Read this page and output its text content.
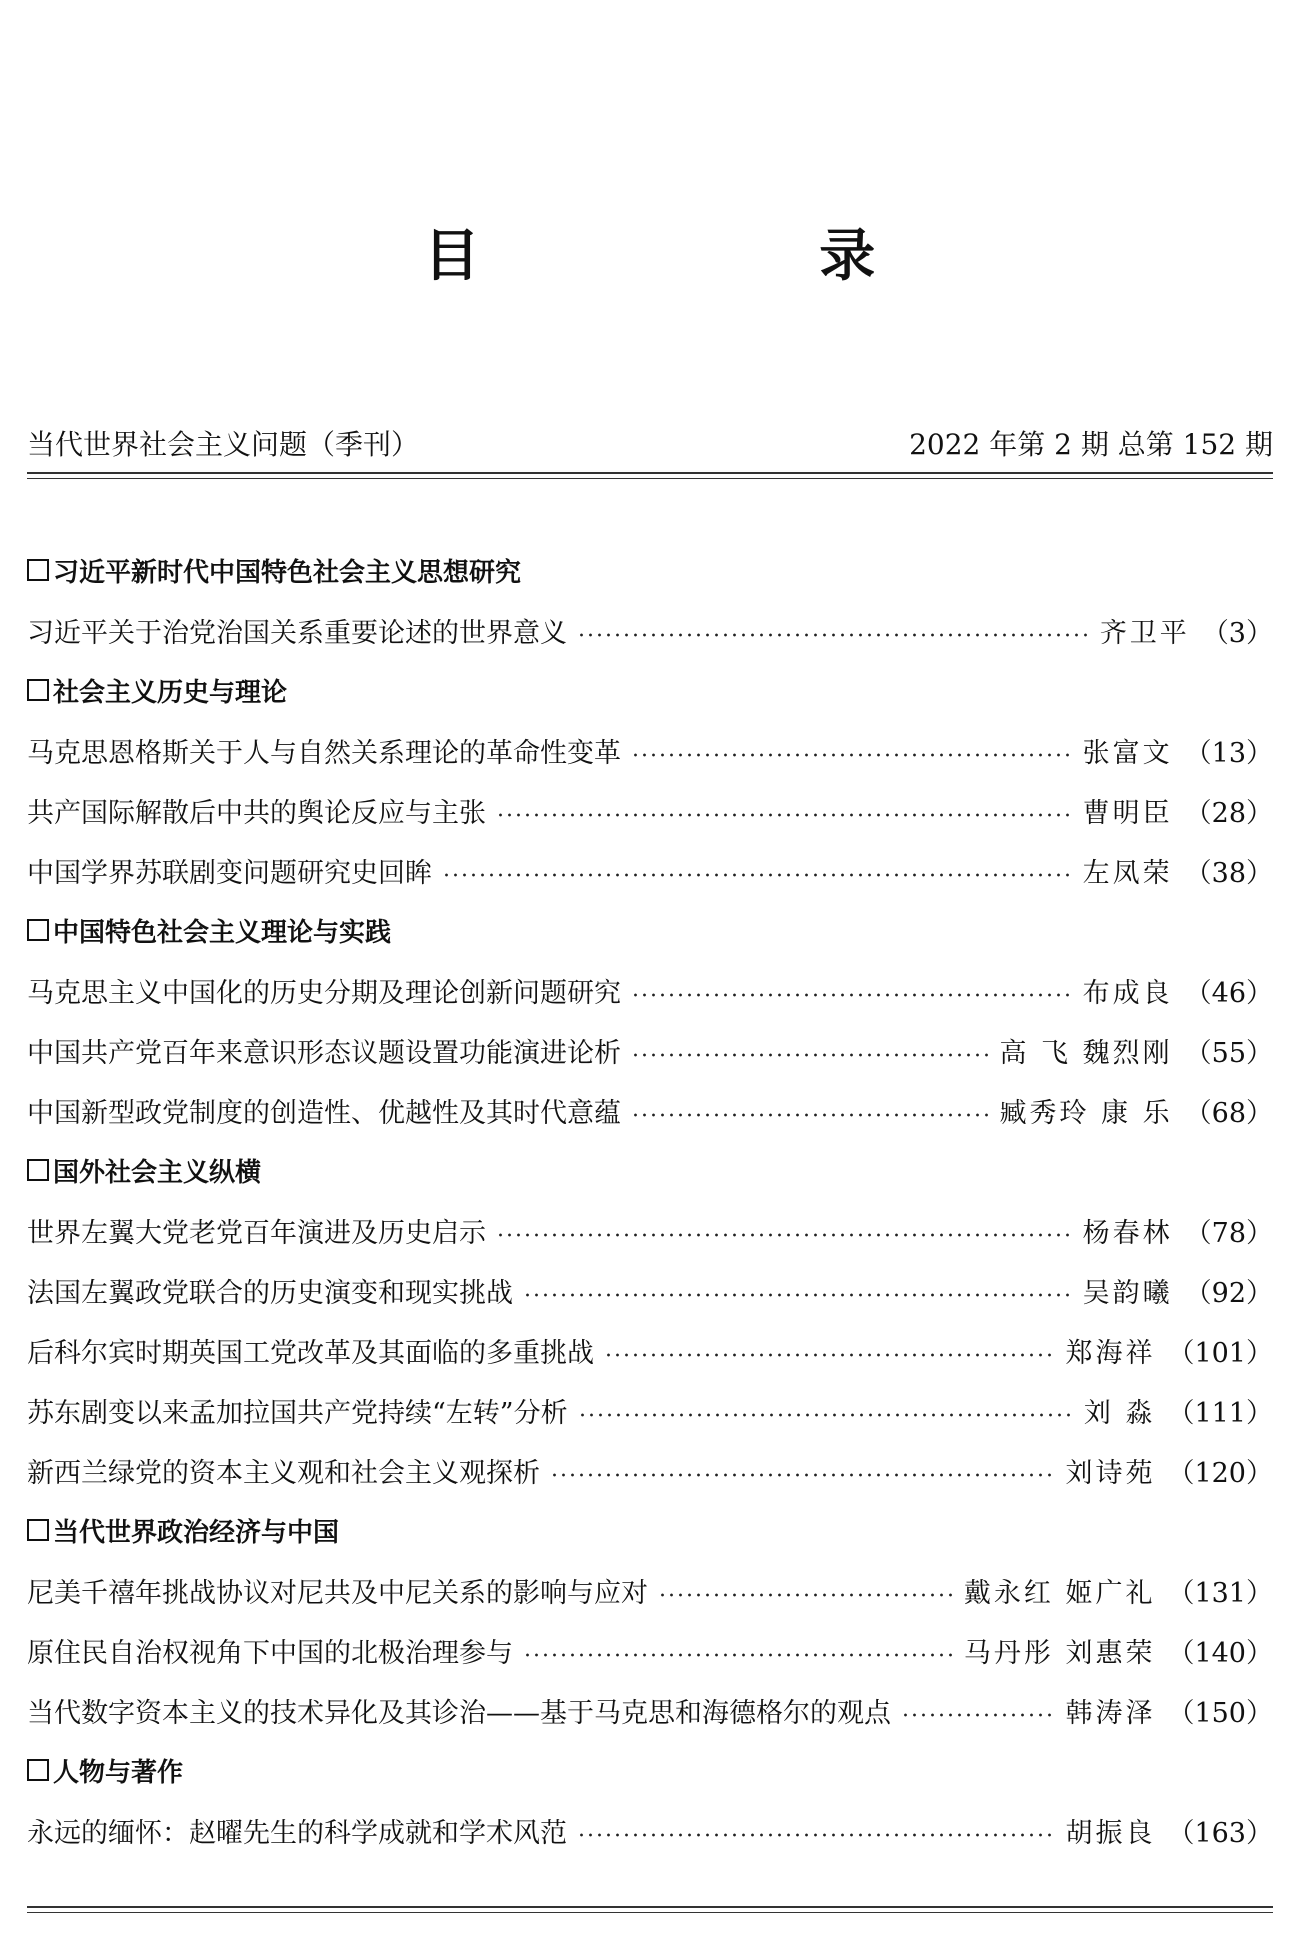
目 录
当代世界社会主义问题（季刊）	2022 年第 2 期 总第 152 期
习近平新时代中国特色社会主义思想研究
习近平关于治党治国关系重要论述的世界意义	齐卫平 （3）
社会主义历史与理论
马克思恩格斯关于人与自然关系理论的革命性变革	张富文 （13）
共产国际解散后中共的舆论反应与主张	曹明臣 （28）
中国学界苏联剧变问题研究史回眸	左凤荣 （38）
中国特色社会主义理论与实践
马克思主义中国化的历史分期及理论创新问题研究	布成良 （46）
中国共产党百年来意识形态议题设置功能演进论析	高 飞 魏烈刚 （55）
中国新型政党制度的创造性、优越性及其时代意蕴	臧秀玲 康 乐 （68）
国外社会主义纵横
世界左翼大党老党百年演进及历史启示	杨春林 （78）
法国左翼政党联合的历史演变和现实挑战	吴韵曦 （92）
后科尔宾时期英国工党改革及其面临的多重挑战	郑海祥 （101）
苏东剧变以来孟加拉国共产党持续“左转”分析	刘 淼 （111）
新西兰绿党的资本主义观和社会主义观探析	刘诗苑 （120）
当代世界政治经济与中国
尼美千禧年挑战协议对尼共及中尼关系的影响与应对	戴永红 姬广礼 （131）
原住民自治权视角下中国的北极治理参与	马丹彤 刘惠荣 （140）
当代数字资本主义的技术异化及其诊治——基于马克思和海德格尔的观点	韩涛泽 （150）
人物与著作
永远的缅怀：赵曜先生的科学成就和学术风范	胡振良 （163）
